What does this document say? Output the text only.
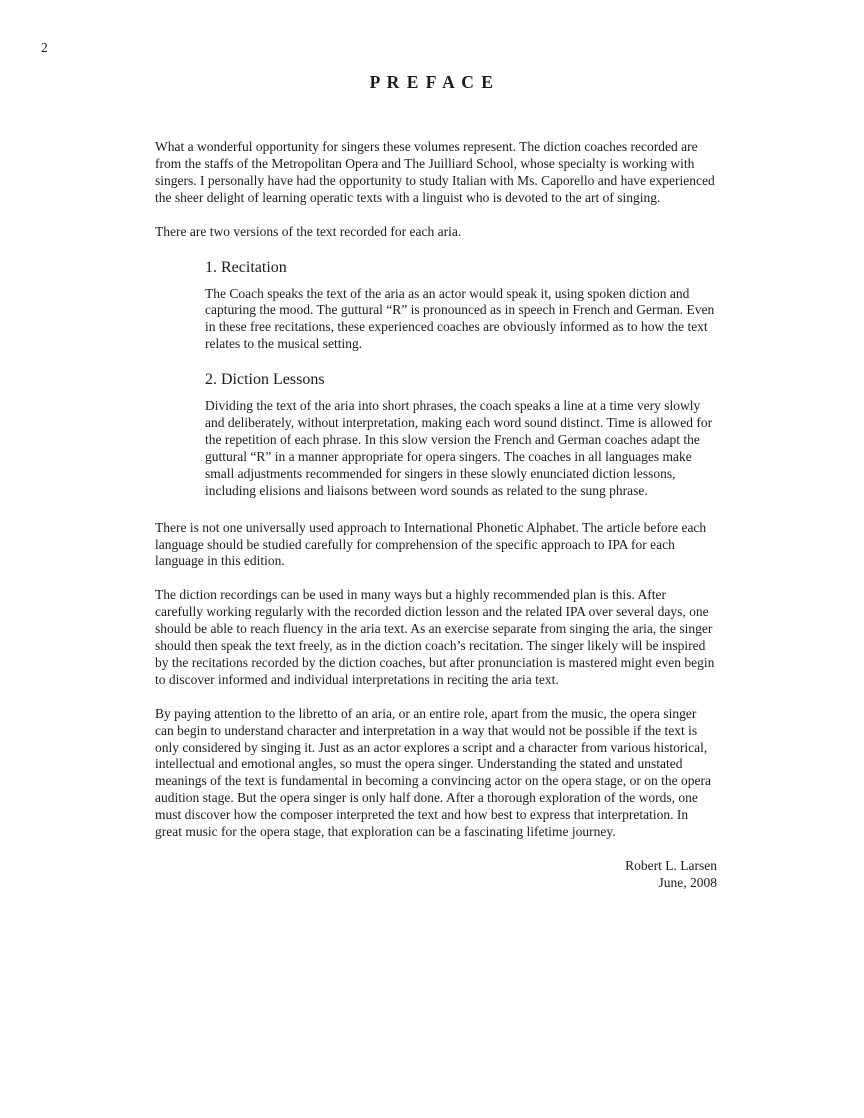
2
P R E F A C E

What a wonderful opportunity for singers these volumes represent. The diction coaches recorded are from the staffs of the Metropolitan Opera and The Juilliard School, whose specialty is working with singers. I personally have had the opportunity to study Italian with Ms. Caporello and have experienced the sheer delight of learning operatic texts with a linguist who is devoted to the art of singing.

There are two versions of the text recorded for each aria.

1. Recitation

The Coach speaks the text of the aria as an actor would speak it, using spoken diction and capturing the mood. The guttural “R” is pronounced as in speech in French and German. Even in these free recitations, these experienced coaches are obviously informed as to how the text relates to the musical setting.

2. Diction Lessons

Dividing the text of the aria into short phrases, the coach speaks a line at a time very slowly and deliberately, without interpretation, making each word sound distinct. Time is allowed for the repetition of each phrase. In this slow version the French and German coaches adapt the guttural “R” in a manner appropriate for opera singers. The coaches in all languages make small adjustments recommended for singers in these slowly enunciated diction lessons, including elisions and liaisons between word sounds as related to the sung phrase.

There is not one universally used approach to International Phonetic Alphabet. The article before each language should be studied carefully for comprehension of the specific approach to IPA for each language in this edition.

The diction recordings can be used in many ways but a highly recommended plan is this. After carefully working regularly with the recorded diction lesson and the related IPA over several days, one should be able to reach fluency in the aria text. As an exercise separate from singing the aria, the singer should then speak the text freely, as in the diction coach’s recitation. The singer likely will be inspired by the recitations recorded by the diction coaches, but after pronunciation is mastered might even begin to discover informed and individual interpretations in reciting the aria text.

By paying attention to the libretto of an aria, or an entire role, apart from the music, the opera singer can begin to understand character and interpretation in a way that would not be possible if the text is only considered by singing it. Just as an actor explores a script and a character from various historical, intellectual and emotional angles, so must the opera singer. Understanding the stated and unstated meanings of the text is fundamental in becoming a convincing actor on the opera stage, or on the opera audition stage. But the opera singer is only half done. After a thorough exploration of the words, one must discover how the composer interpreted the text and how best to express that interpretation. In great music for the opera stage, that exploration can be a fascinating lifetime journey.

Robert L. Larsen
June, 2008
